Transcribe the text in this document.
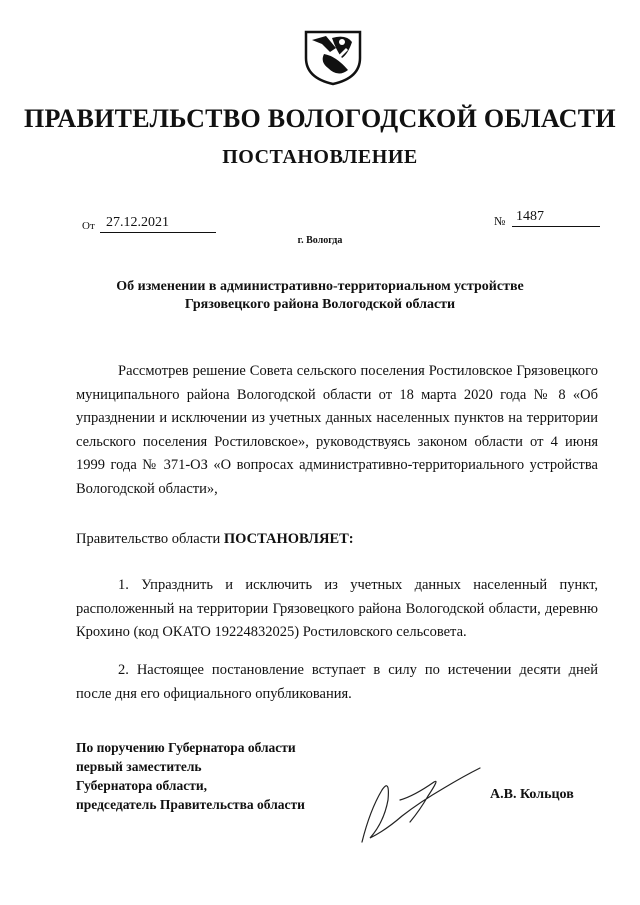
ПРАВИТЕЛЬСТВО ВОЛОГОДСКОЙ ОБЛАСТИ
ПОСТАНОВЛЕНИЕ
От 27.12.2021	№ 1487
г. Вологда
Об изменении в административно-территориальном устройстве
Грязовецкого района Вологодской области
Рассмотрев решение Совета сельского поселения Ростиловское Грязовецкого муниципального района Вологодской области от 18 марта 2020 года № 8 «Об упразднении и исключении из учетных данных населенных пунктов на территории сельского поселения Ростиловское», руководствуясь законом области от 4 июня 1999 года № 371-ОЗ «О вопросах административно-территориального устройства Вологодской области»,
Правительство области ПОСТАНОВЛЯЕТ:
1. Упразднить и исключить из учетных данных населенный пункт, расположенный на территории Грязовецкого района Вологодской области, деревню Крохино (код ОКАТО 19224832025) Ростиловского сельсовета.
2. Настоящее постановление вступает в силу по истечении десяти дней после дня его официального опубликования.
По поручению Губернатора области
первый заместитель
Губернатора области,
председатель Правительства области
А.В. Кольцов
